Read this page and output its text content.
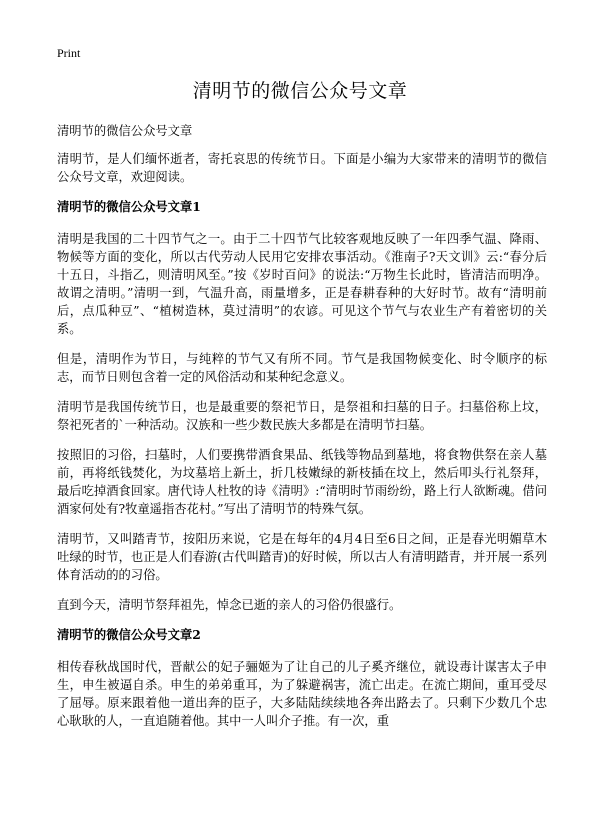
Print
清明节的微信公众号文章

清明节的微信公众号文章

清明节，是人们缅怀逝者，寄托哀思的传统节日。下面是小编为大家带来的清明节的微信公众号文章，欢迎阅读。

清明节的微信公众号文章1

清明是我国的二十四节气之一。由于二十四节气比较客观地反映了一年四季气温、降雨、物候等方面的变化，所以古代劳动人民用它安排农事活动。《淮南子?天文训》云:“春分后十五日，斗指乙，则清明风至。”按《岁时百问》的说法:“万物生长此时，皆清洁而明净。故谓之清明。”清明一到，气温升高，雨量增多，正是春耕春种的大好时节。故有“清明前后，点瓜种豆”、“植树造林，莫过清明”的农谚。可见这个节气与农业生产有着密切的关系。

但是，清明作为节日，与纯粹的节气又有所不同。节气是我国物候变化、时令顺序的标志，而节日则包含着一定的风俗活动和某种纪念意义。

清明节是我国传统节日，也是最重要的祭祀节日，是祭祖和扫墓的日子。扫墓俗称上坟，祭祀死者的`一种活动。汉族和一些少数民族大多都是在清明节扫墓。

按照旧的习俗，扫墓时，人们要携带酒食果品、纸钱等物品到墓地，将食物供祭在亲人墓前，再将纸钱焚化，为坟墓培上新土，折几枝嫩绿的新枝插在坟上，然后叩头行礼祭拜，最后吃掉酒食回家。唐代诗人杜牧的诗《清明》:“清明时节雨纷纷，路上行人欲断魂。借问酒家何处有?牧童遥指杏花村。”写出了清明节的特殊气氛。

清明节，又叫踏青节，按阳历来说，它是在每年的4月4日至6日之间，正是春光明媚草木吐绿的时节，也正是人们春游(古代叫踏青)的好时候，所以古人有清明踏青，并开展一系列体育活动的的习俗。

直到今天，清明节祭拜祖先，悼念已逝的亲人的习俗仍很盛行。

清明节的微信公众号文章2

相传春秋战国时代，晋献公的妃子骊姬为了让自己的儿子奚齐继位，就设毒计谋害太子申生，申生被逼自杀。申生的弟弟重耳，为了躲避祸害，流亡出走。在流亡期间，重耳受尽了屈辱。原来跟着他一道出奔的臣子，大多陆陆续续地各奔出路去了。只剩下少数几个忠心耿耿的人，一直追随着他。其中一人叫介子推。有一次，重
